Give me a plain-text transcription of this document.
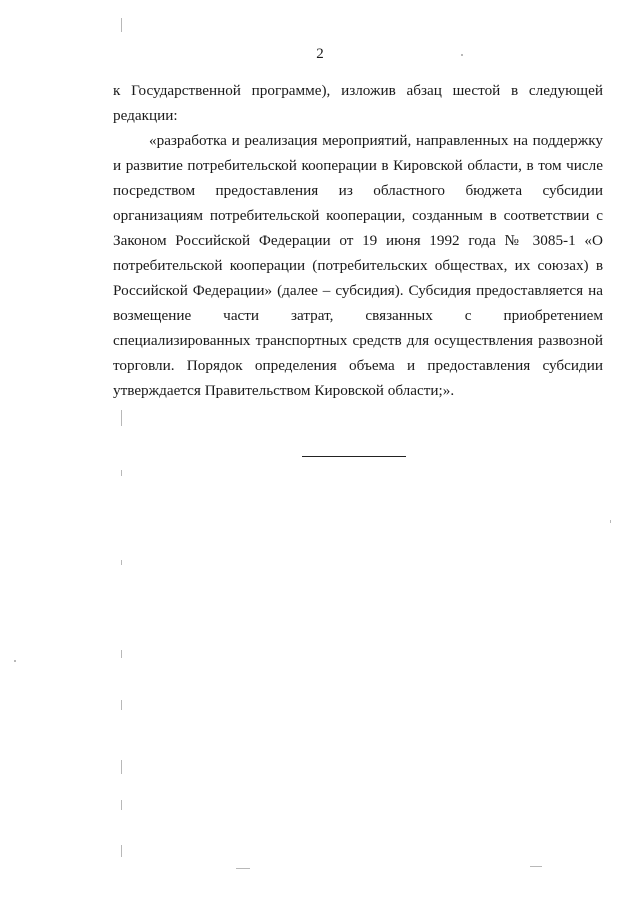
2

к Государственной программе), изложив абзац шестой в следующей редакции:

«разработка и реализация мероприятий, направленных на поддержку и развитие потребительской кооперации в Кировской области, в том числе посредством предоставления из областного бюджета субсидии организациям потребительской кооперации, созданным в соответствии с Законом Российской Федерации от 19 июня 1992 года № 3085-1 «О потребительской кооперации (потребительских обществах, их союзах) в Российской Федерации» (далее – субсидия). Субсидия предоставляется на возмещение части затрат, связанных с приобретением специализированных транспортных средств для осуществления развозной торговли. Порядок определения объема и предоставления субсидии утверждается Правительством Кировской области;».
